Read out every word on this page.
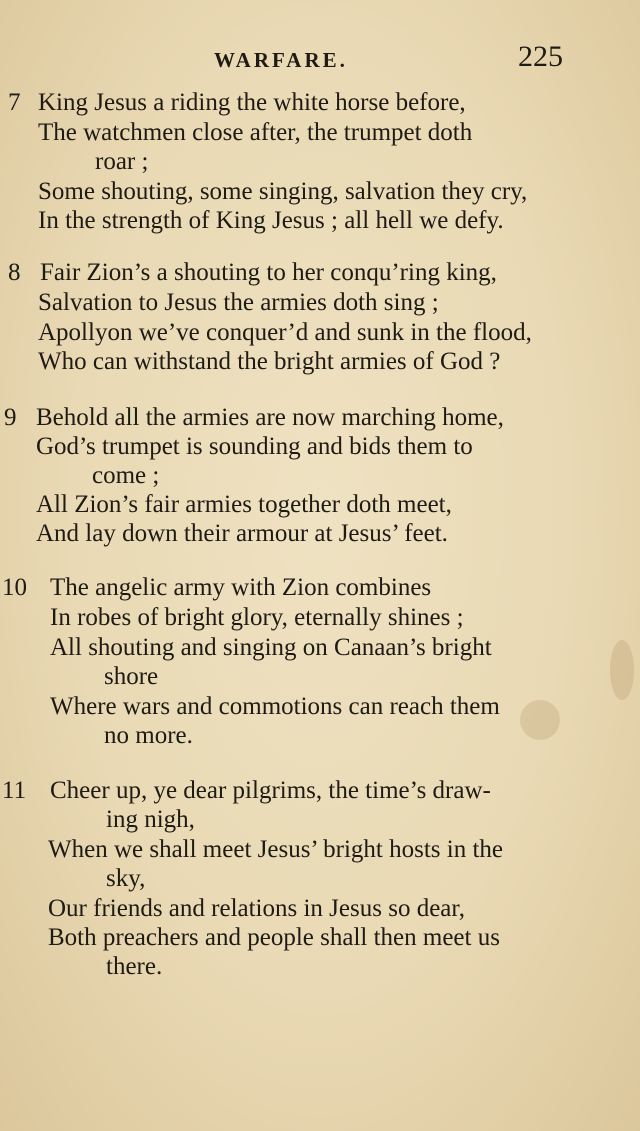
WARFARE.	225
7 King Jesus a riding the white horse before,
The watchmen close after, the trumpet doth
roar ;
Some shouting, some singing, salvation they cry,
In the strength of King Jesus ; all hell we defy.
8 Fair Zion’s a shouting to her conqu’ring king,
Salvation to Jesus the armies doth sing ;
Apollyon we’ve conquer’d and sunk in the flood,
Who can withstand the bright armies of God ?
9 Behold all the armies are now marching home,
God’s trumpet is sounding and bids them to
come ;
All Zion’s fair armies together doth meet,
And lay down their armour at Jesus’ feet.
10 The angelic army with Zion combines
In robes of bright glory, eternally shines ;
All shouting and singing on Canaan’s bright
shore
Where wars and commotions can reach them
no more.
11 Cheer up, ye dear pilgrims, the time’s draw-
ing nigh,
When we shall meet Jesus’ bright hosts in the
sky,
Our friends and relations in Jesus so dear,
Both preachers and people shall then meet us
there.
